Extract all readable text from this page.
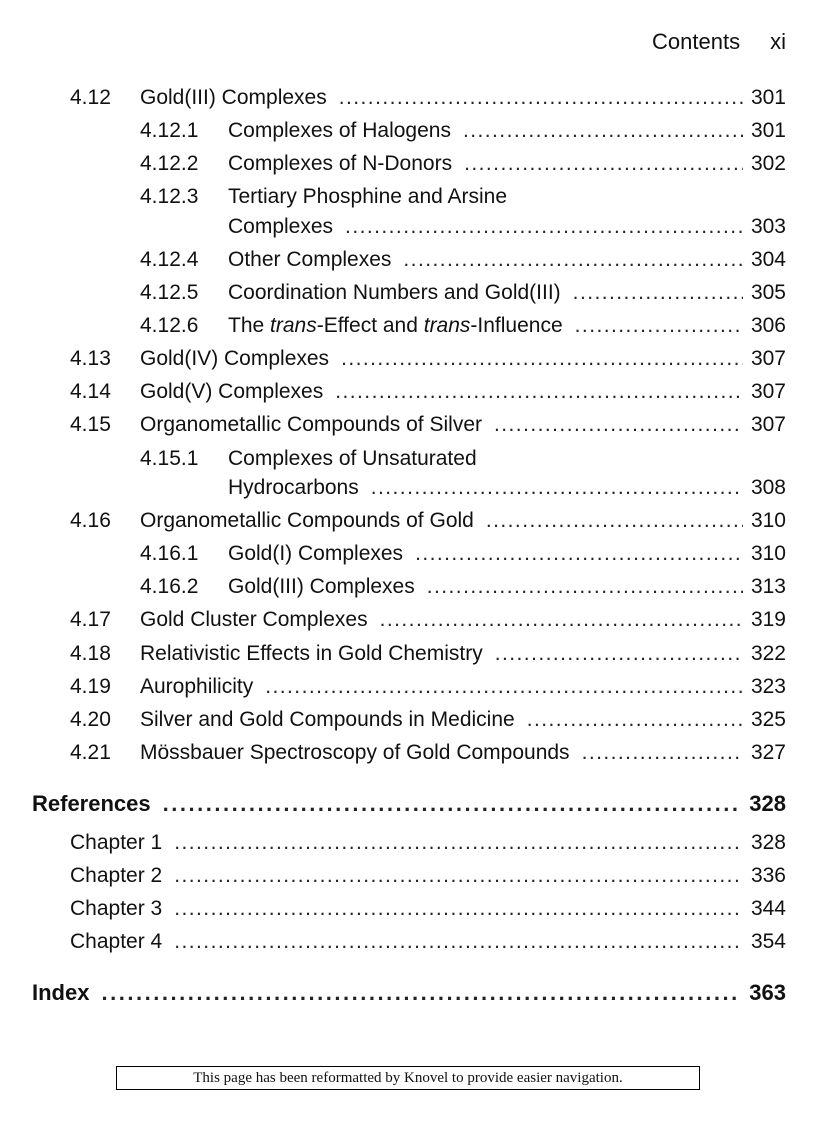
Contents xi
4.12	Gold(III) Complexes . . .	301
4.12.1	Complexes of Halogens . . .	301
4.12.2	Complexes of N-Donors . . .	302
4.12.3 Tertiary Phosphine and Arsine
Complexes . . .	303
4.12.4	Other Complexes . . .	304
4.12.5	Coordination Numbers and Gold(III) . . .	305
4.12.6	The trans-Effect and trans-Influence . . .	306
4.13	Gold(IV) Complexes . . .	307
4.14	Gold(V) Complexes . . .	307
4.15	Organometallic Compounds of Silver . . .	307
4.15.1 Complexes of Unsaturated
Hydrocarbons . . .	308
4.16	Organometallic Compounds of Gold . . .	310
4.16.1	Gold(I) Complexes . . .	310
4.16.2	Gold(III) Complexes . . .	313
4.17	Gold Cluster Complexes . . .	319
4.18	Relativistic Effects in Gold Chemistry . . .	322
4.19	Aurophilicity . . .	323
4.20	Silver and Gold Compounds in Medicine . . .	325
4.21	Mössbauer Spectroscopy of Gold Compounds . . .	327
References . . .	328
Chapter 1 . . .	328
Chapter 2 . . .	336
Chapter 3 . . .	344
Chapter 4 . . .	354
Index . . .	363
This page has been reformatted by Knovel to provide easier navigation.
